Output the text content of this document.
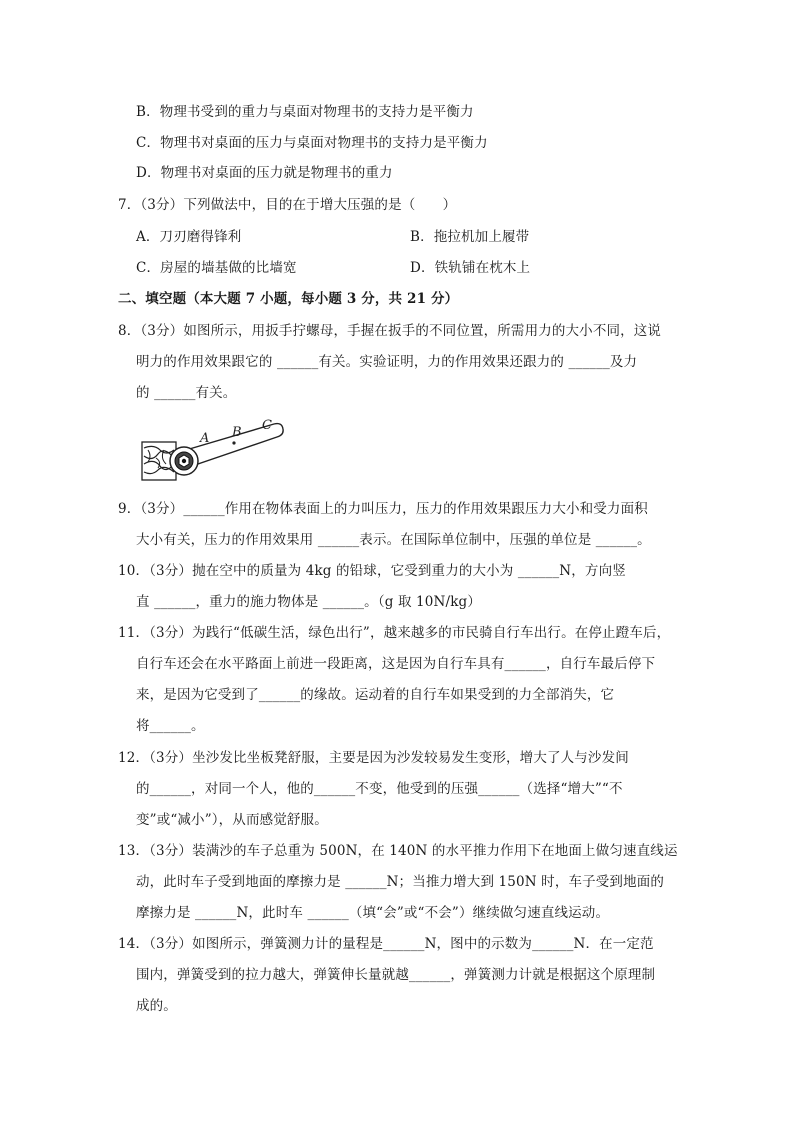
B．物理书受到的重力与桌面对物理书的支持力是平衡力
C．物理书对桌面的压力与桌面对物理书的支持力是平衡力
D．物理书对桌面的压力就是物理书的重力
7．（3分）下列做法中，目的在于增大压强的是（　　）
A．刀刃磨得锋利	B．拖拉机加上履带
C．房屋的墙基做的比墙宽	D．铁轨铺在枕木上
二、填空题（本大题 7 小题，每小题 3 分，共 21 分）
8．（3分）如图所示，用扳手拧螺母，手握在扳手的不同位置，所需用力的大小不同，这说
明力的作用效果跟它的 ______有关。实验证明，力的作用效果还跟力的 ______及力
的 ______有关。
A B C
9．（3分）______作用在物体表面上的力叫压力，压力的作用效果跟压力大小和受力面积
大小有关，压力的作用效果用 ______表示。在国际单位制中，压强的单位是 ______。
10．（3分）抛在空中的质量为 4kg 的铅球，它受到重力的大小为 ______N，方向竖
直 ______，重力的施力物体是 ______。（g 取 10N/kg）
11．（3分）为践行“低碳生活，绿色出行”，越来越多的市民骑自行车出行。在停止蹬车后，
自行车还会在水平路面上前进一段距离，这是因为自行车具有______，自行车最后停下
来，是因为它受到了______的缘故。运动着的自行车如果受到的力全部消失，它
将______。
12．（3分）坐沙发比坐板凳舒服，主要是因为沙发较易发生变形，增大了人与沙发间
的______，对同一个人，他的______不变，他受到的压强______（选择“增大”“不
变”或“减小”），从而感觉舒服。
13．（3分）装满沙的车子总重为 500N，在 140N 的水平推力作用下在地面上做匀速直线运
动，此时车子受到地面的摩擦力是 ______N；当推力增大到 150N 时，车子受到地面的
摩擦力是 ______N，此时车 ______（填“会”或“不会”）继续做匀速直线运动。
14．（3分）如图所示，弹簧测力计的量程是______N，图中的示数为______N．在一定范
围内，弹簧受到的拉力越大，弹簧伸长量就越______，弹簧测力计就是根据这个原理制
成的。
